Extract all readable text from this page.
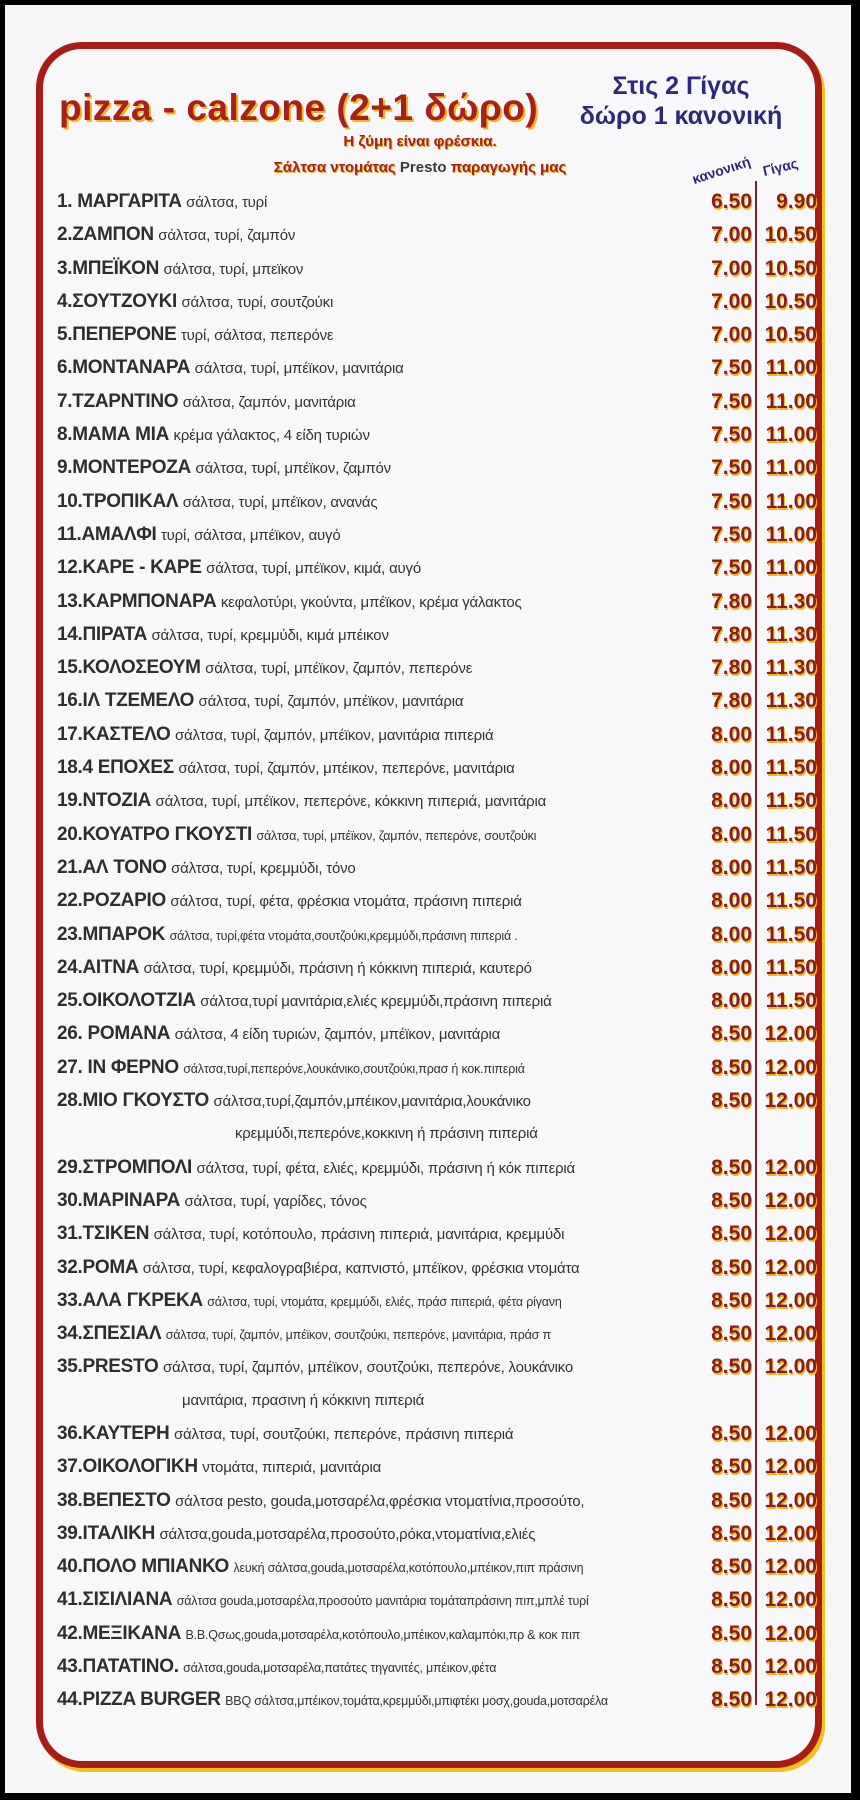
pizza - calzone (2+1 δώρο)
Στις 2 Γίγας
δώρο 1 κανονική
Η ζύμη είναι φρέσκια.
Σάλτσα ντομάτας Presto παραγωγής μας	κανονική Γίγας
1. ΜΑΡΓΑΡΙΤΑ σάλτσα, τυρί	6.50	9.90
2.ΖΑΜΠΟΝ σάλτσα, τυρί, ζαμπόν	7.00 10.50
3.ΜΠΕΪΚΟΝ σάλτσα, τυρί, μπεϊκον	7.00 10.50
4.ΣΟΥΤΖΟΥΚΙ σάλτσα, τυρί, σουτζούκι	7.00 10.50
5.ΠΕΠΕΡΟΝΕ τυρί, σάλτσα, πεπερόνε	7.00 10.50
6.ΜΟΝΤΑΝΑΡΑ σάλτσα, τυρί, μπέϊκον, μανιτάρια	7.50 11.00
7.ΤΖΑΡΝΤΙΝΟ σάλτσα, ζαμπόν, μανιτάρια	7.50 11.00
8.ΜΑΜΑ ΜΙΑ κρέμα γάλακτος, 4 είδη τυριών	7.50 11.00
9.ΜΟΝΤΕΡΟΖΑ σάλτσα, τυρί, μπέϊκον, ζαμπόν	7.50 11.00
10.ΤΡΟΠΙΚΑΛ σάλτσα, τυρί, μπέϊκον, ανανάς	7.50 11.00
11.ΑΜΑΛΦΙ τυρί, σάλτσα, μπέϊκον, αυγό	7.50 11.00
12.ΚΑΡΕ - ΚΑΡΕ σάλτσα, τυρί, μπέϊκον, κιμά, αυγό	7.50 11.00
13.ΚΑΡΜΠΟΝΑΡΑ κεφαλοτύρι, γκούντα, μπέϊκον, κρέμα γάλακτος	7.80 11.30
14.ΠΙΡΑΤΑ σάλτσα, τυρί, κρεμμύδι, κιμά μπέικον	7.80 11.30
15.ΚΟΛΟΣΕΟΥΜ σάλτσα, τυρί, μπέϊκον, ζαμπόν, πεπερόνε	7.80 11.30
16.ΙΛ ΤΖΕΜΕΛΟ σάλτσα, τυρί, ζαμπόν, μπέϊκον, μανιτάρια	7.80 11.30
17.ΚΑΣΤΕΛΟ σάλτσα, τυρί, ζαμπόν, μπέϊκον, μανιτάρια πιπεριά	8.00 11.50
18.4 ΕΠΟΧΕΣ σάλτσα, τυρί, ζαμπόν, μπέικον, πεπερόνε, μανιτάρια	8.00 11.50
19.ΝΤΟΖΙΑ σάλτσα, τυρί, μπέϊκον, πεπερόνε, κόκκινη πιπεριά, μανιτάρια	8.00 11.50
20.ΚΟΥΑΤΡΟ ΓΚΟΥΣΤΙ σάλτσα, τυρί, μπέϊκον, ζαμπόν, πεπερόνε, σουτζούκι	8.00 11.50
21.ΑΛ ΤΟΝΟ σάλτσα, τυρί, κρεμμύδι, τόνο	8.00 11.50
22.ΡΟΖΑΡΙΟ σάλτσα, τυρί, φέτα, φρέσκια ντομάτα, πράσινη πιπεριά	8.00 11.50
23.ΜΠΑΡΟΚ σάλτσα, τυρί,φέτα ντομάτα,σουτζούκι,κρεμμύδι,πράσινη πιπεριά .	8.00 11.50
24.ΑΙΤΝΑ σάλτσα, τυρί, κρεμμύδι, πράσινη ή κόκκινη πιπεριά, καυτερό	8.00 11.50
25.ΟΙΚΟΛΟΤΖΙΑ σάλτσα,τυρί μανιτάρια,ελιές κρεμμύδι,πράσινη πιπεριά	8.00 11.50
26. ΡΟΜΑΝΑ σάλτσα, 4 είδη τυριών, ζαμπόν, μπέϊκον, μανιτάρια	8.50 12.00
27. ΙΝ ΦΕΡΝΟ σάλτσα,τυρί,πεπερόνε,λουκάνικο,σουτζούκι,πρασ ή κοκ.πιπεριά	8.50 12.00
28.ΜΙΟ ΓΚΟΥΣΤΟ σάλτσα,τυρί,ζαμπόν,μπέικον,μανιτάρια,λουκάνικο	8.50 12.00
κρεμμύδι,πεπερόνε,κοκκινη ή πράσινη πιπεριά
29.ΣΤΡΟΜΠΟΛΙ σάλτσα, τυρί, φέτα, ελιές, κρεμμύδι, πράσινη ή κόκ πιπεριά	8.50 12.00
30.ΜΑΡΙΝΑΡΑ σάλτσα, τυρί, γαρίδες, τόνος	8.50 12.00
31.ΤΣΙΚΕΝ σάλτσα, τυρί, κοτόπουλο, πράσινη πιπεριά, μανιτάρια, κρεμμύδι	8.50 12.00
32.ΡΟΜΑ σάλτσα, τυρί, κεφαλογραβιέρα, καπνιστό, μπέϊκον, φρέσκια ντομάτα	8.50 12.00
33.ΑΛΑ ΓΚΡΕΚΑ σάλτσα, τυρί, ντομάτα, κρεμμύδι, ελιές, πράσ πιπεριά, φέτα ρίγανη	8.50 12.00
34.ΣΠΕΣΙΑΛ σάλτσα, τυρί, ζαμπόν, μπέϊκον, σουτζούκι, πεπερόνε, μανιτάρια, πράσ π	8.50 12.00
35.PRESTO σάλτσα, τυρί, ζαμπόν, μπέϊκον, σουτζούκι, πεπερόνε, λουκάνικο	8.50 12.00
μανιτάρια, πρασινη ή κόκκινη πιπεριά
36.ΚΑΥΤΕΡΗ σάλτσα, τυρί, σουτζούκι, πεπερόνε, πράσινη πιπεριά	8.50 12.00
37.ΟΙΚΟΛΟΓΙΚΗ ντομάτα, πιπεριά, μανιτάρια	8.50 12.00
38.ΒΕΠΕΣΤΟ σάλτσα pesto, gouda,μοτσαρέλα,φρέσκια ντοματίνια,προσούτο,	8.50 12.00
39.ΙΤΑΛΙΚΗ σάλτσα,gouda,μοτσαρέλα,προσούτο,ρόκα,ντοματίνια,ελιές	8.50 12.00
40.ΠΟΛΟ ΜΠΙΑΝΚΟ λευκή σάλτσα,gouda,μοτσαρέλα,κοτόπουλο,μπέικον,πιπ πράσινη	8.50 12.00
41.ΣΙΣΙΛΙΑΝΑ σάλτσα gouda,μοτσαρέλα,προσούτο μανιτάρια τομάταπράσινη πιπ,μπλέ τυρί	8.50 12.00
42.ΜΕΞΙΚΑΝΑ B.B.Qσως,gouda,μοτσαρέλα,κοτόπουλο,μπέικον,καλαμπόκι,πρ & κοκ πιπ	8.50 12.00
43.ΠΑΤΑΤΙΝΟ. σάλτσα,gouda,μοτσαρέλα,πατάτες τηγανιτές, μπέικον,φέτα	8.50 12.00
44.PIZZA BURGER BBQ σάλτσα,μπέικον,τομάτα,κρεμμύδι,μπιφτέκι μοσχ,gouda,μοτσαρέλα	8.50 12.00
